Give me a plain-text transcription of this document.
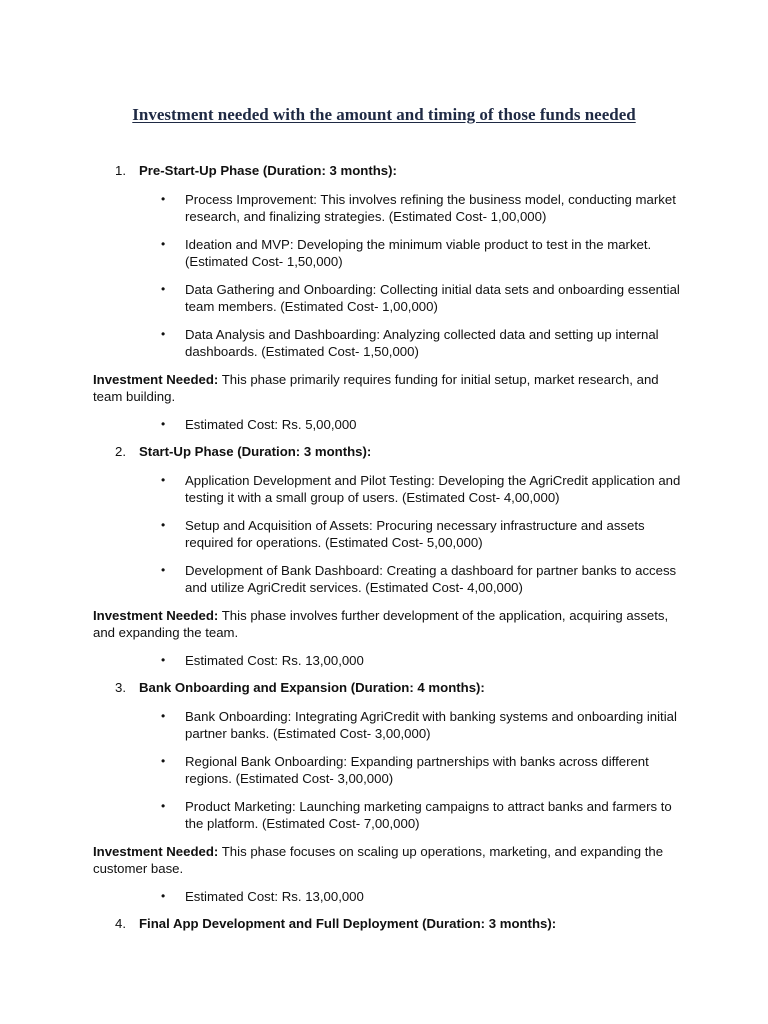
Investment needed with the amount and timing of those funds needed
1. Pre-Start-Up Phase (Duration: 3 months):
•	Process Improvement: This involves refining the business model, conducting market research, and finalizing strategies. (Estimated Cost- 1,00,000)
•	Ideation and MVP: Developing the minimum viable product to test in the market. (Estimated Cost- 1,50,000)
•	Data Gathering and Onboarding: Collecting initial data sets and onboarding essential team members. (Estimated Cost- 1,00,000)
•	Data Analysis and Dashboarding: Analyzing collected data and setting up internal dashboards. (Estimated Cost- 1,50,000)
Investment Needed: This phase primarily requires funding for initial setup, market research, and team building.
•	Estimated Cost: Rs. 5,00,000
2. Start-Up Phase (Duration: 3 months):
•	Application Development and Pilot Testing: Developing the AgriCredit application and testing it with a small group of users. (Estimated Cost- 4,00,000)
•	Setup and Acquisition of Assets: Procuring necessary infrastructure and assets required for operations. (Estimated Cost- 5,00,000)
•	Development of Bank Dashboard: Creating a dashboard for partner banks to access and utilize AgriCredit services. (Estimated Cost- 4,00,000)
Investment Needed: This phase involves further development of the application, acquiring assets, and expanding the team.
•	Estimated Cost: Rs. 13,00,000
3. Bank Onboarding and Expansion (Duration: 4 months):
•	Bank Onboarding: Integrating AgriCredit with banking systems and onboarding initial partner banks. (Estimated Cost- 3,00,000)
•	Regional Bank Onboarding: Expanding partnerships with banks across different regions. (Estimated Cost- 3,00,000)
•	Product Marketing: Launching marketing campaigns to attract banks and farmers to the platform. (Estimated Cost- 7,00,000)
Investment Needed: This phase focuses on scaling up operations, marketing, and expanding the customer base.
•	Estimated Cost: Rs. 13,00,000
4. Final App Development and Full Deployment (Duration: 3 months):
